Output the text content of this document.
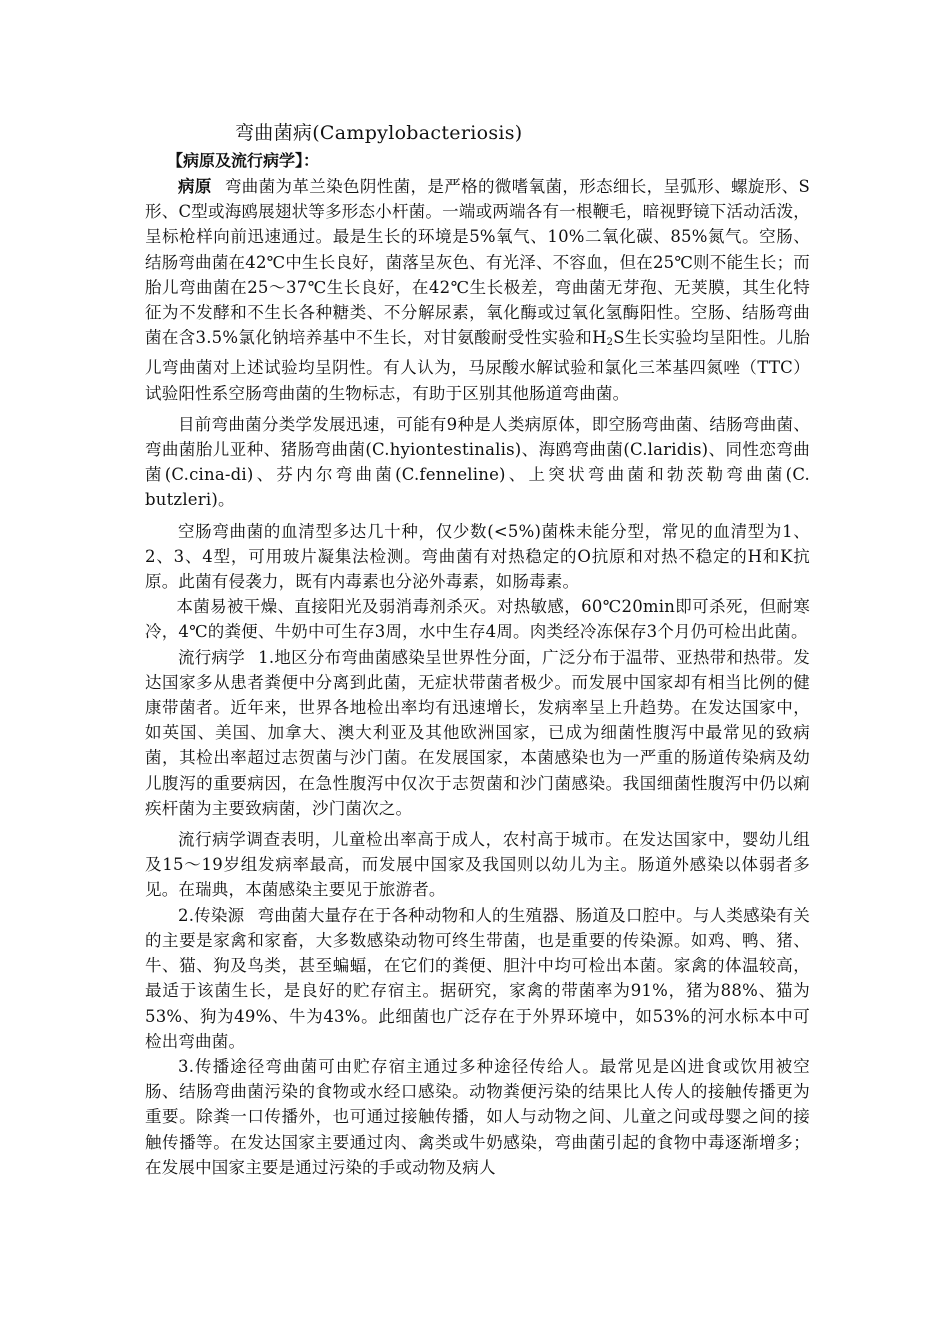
弯曲菌病(Campylobacteriosis)
【病原及流行病学】：

病原 弯曲菌为革兰染色阴性菌，是严格的微嗜氧菌，形态细长，呈弧形、螺旋形、S形、C型或海鸥展翅状等多形态小杆菌。一端或两端各有一根鞭毛，暗视野镜下活动活泼，呈标枪样向前迅速通过。最是生长的环境是5%氧气、10%二氧化碳、85%氮气。空肠、结肠弯曲菌在42℃中生长良好，菌落呈灰色、有光泽、不容血，但在25℃则不能生长；而胎儿弯曲菌在25～37℃生长良好，在42℃生长极差，弯曲菌无芽孢、无荚膜，其生化特征为不发酵和不生长各种糖类、不分解尿素，氧化酶或过氧化氢酶阳性。空肠、结肠弯曲菌在含3.5%氯化钠培养基中不生长，对甘氨酸耐受性实验和$H_2S$生长实验均呈阳性。儿胎儿弯曲菌对上述试验均呈阴性。有人认为，马尿酸水解试验和氯化三苯基四氮唑（TTC）试验阳性系空肠弯曲菌的生物标志，有助于区别其他肠道弯曲菌。

目前弯曲菌分类学发展迅速，可能有9种是人类病原体，即空肠弯曲菌、结肠弯曲菌、弯曲菌胎儿亚种、猪肠弯曲菌(C.hyiontestinalis)、海鸥弯曲菌(C.laridis)、同性恋弯曲菌(C.cina-di)、芬内尔弯曲菌(C.fenneline)、上突状弯曲菌和勃茨勒弯曲菌(C. butzleri)。

空肠弯曲菌的血清型多达几十种，仅少数(<5%)菌株未能分型，常见的血清型为1、2、3、4型，可用玻片凝集法检测。弯曲菌有对热稳定的O抗原和对热不稳定的H和K抗原。此菌有侵袭力，既有内毒素也分泌外毒素，如肠毒素。

本菌易被干燥、直接阳光及弱消毒剂杀灭。对热敏感，60℃20min即可杀死，但耐寒冷，4℃的粪便、牛奶中可生存3周，水中生存4周。肉类经冷冻保存3个月仍可检出此菌。

流行病学 1.地区分布弯曲菌感染呈世界性分面，广泛分布于温带、亚热带和热带。发达国家多从患者粪便中分离到此菌，无症状带菌者极少。而发展中国家却有相当比例的健康带菌者。近年来，世界各地检出率均有迅速增长，发病率呈上升趋势。在发达国家中，如英国、美国、加拿大、澳大利亚及其他欧洲国家，已成为细菌性腹泻中最常见的致病菌，其检出率超过志贺菌与沙门菌。在发展国家，本菌感染也为一严重的肠道传染病及幼儿腹泻的重要病因，在急性腹泻中仅次于志贺菌和沙门菌感染。我国细菌性腹泻中仍以痢疾杆菌为主要致病菌，沙门菌次之。

流行病学调查表明，儿童检出率高于成人，农村高于城市。在发达国家中，婴幼儿组及15～19岁组发病率最高，而发展中国家及我国则以幼儿为主。肠道外感染以体弱者多见。在瑞典，本菌感染主要见于旅游者。

2.传染源 弯曲菌大量存在于各种动物和人的生殖器、肠道及口腔中。与人类感染有关的主要是家禽和家畜，大多数感染动物可终生带菌，也是重要的传染源。如鸡、鸭、猪、牛、猫、狗及鸟类，甚至蝙蝠，在它们的粪便、胆汁中均可检出本菌。家禽的体温较高，最适于该菌生长，是良好的贮存宿主。据研究，家禽的带菌率为91%，猪为88%、猫为53%、狗为49%、牛为43%。此细菌也广泛存在于外界环境中，如53%的河水标本中可检出弯曲菌。

3.传播途径弯曲菌可由贮存宿主通过多种途径传给人。最常见是凶进食或饮用被空肠、结肠弯曲菌污染的食物或水经口感染。动物粪便污染的结果比人传人的接触传播更为重要。除粪一口传播外，也可通过接触传播，如人与动物之间、儿童之问或母婴之间的接触传播等。在发达国家主要通过肉、禽类或牛奶感染，弯曲菌引起的食物中毒逐渐增多；在发展中国家主要是通过污染的手或动物及病人
